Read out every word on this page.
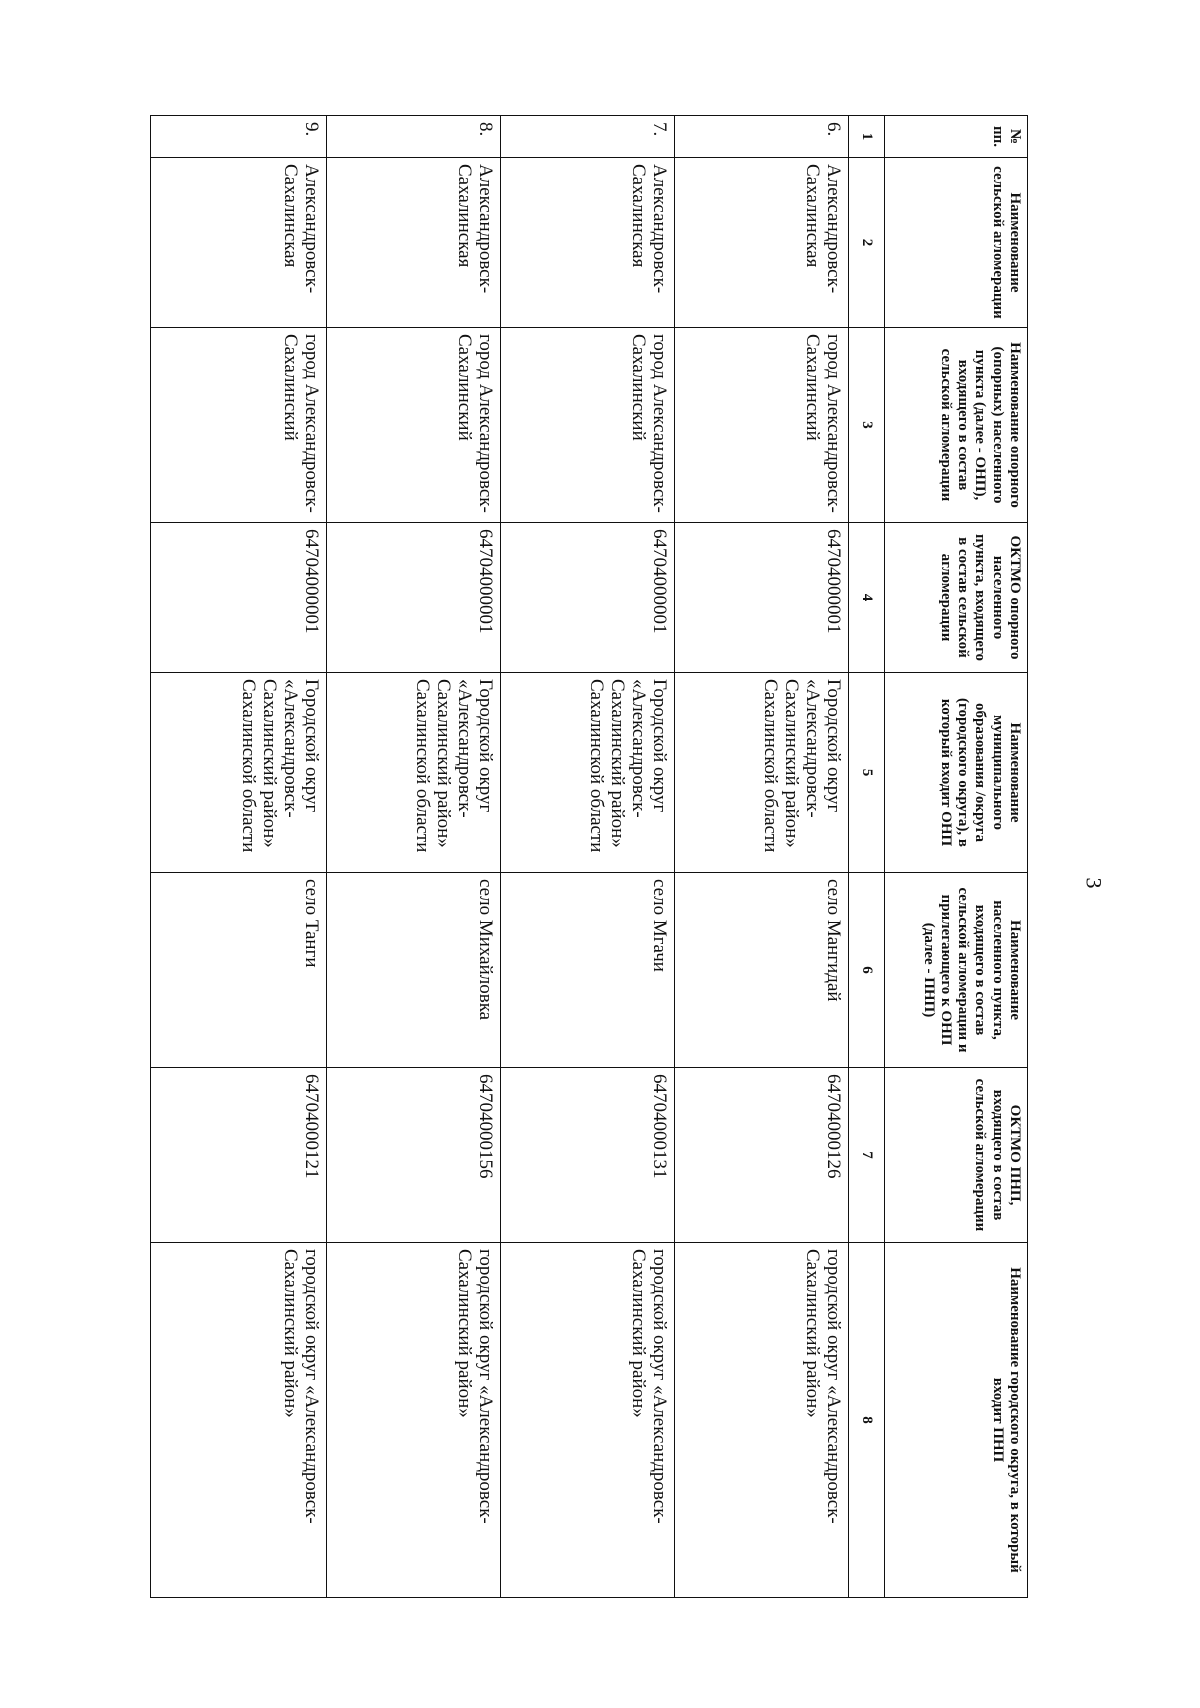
3
№ пп.	Наименование сельской агломерации	Наименование опорного (опорных) населенного пункта (далее - ОНП), входящего в состав сельской агломерации	ОКТМО опорного населенного пункта, входящего в состав сельской агломерации	Наименование муниципального образования /округа (городского округа), в который входит ОНП	Наименование населенного пункта, входящего в состав сельской агломерации и прилегающего к ОНП (далее - ПНП)	ОКТМО ПНП, входящего в состав сельской агломерации	Наименование городского округа, в который входит ПНП
1	2	3	4	5	6	7	8
6.	Александровск-Сахалинская	город Александровск-Сахалинский	64704000001	Городской округ «Александровск-Сахалинский район» Сахалинской области	село Мангидай	64704000126	городской округ «Александровск-Сахалинский район»
7.	Александровск-Сахалинская	город Александровск-Сахалинский	64704000001	Городской округ «Александровск-Сахалинский район» Сахалинской области	село Мгачи	64704000131	городской округ «Александровск-Сахалинский район»
8.	Александровск-Сахалинская	город Александровск-Сахалинский	64704000001	Городской округ «Александровск-Сахалинский район» Сахалинской области	село Михайловка	64704000156	городской округ «Александровск-Сахалинский район»
9.	Александровск-Сахалинская	город Александровск-Сахалинский	64704000001	Городской округ «Александровск-Сахалинский район» Сахалинской области	село Танги	64704000121	городской округ «Александровск-Сахалинский район»
